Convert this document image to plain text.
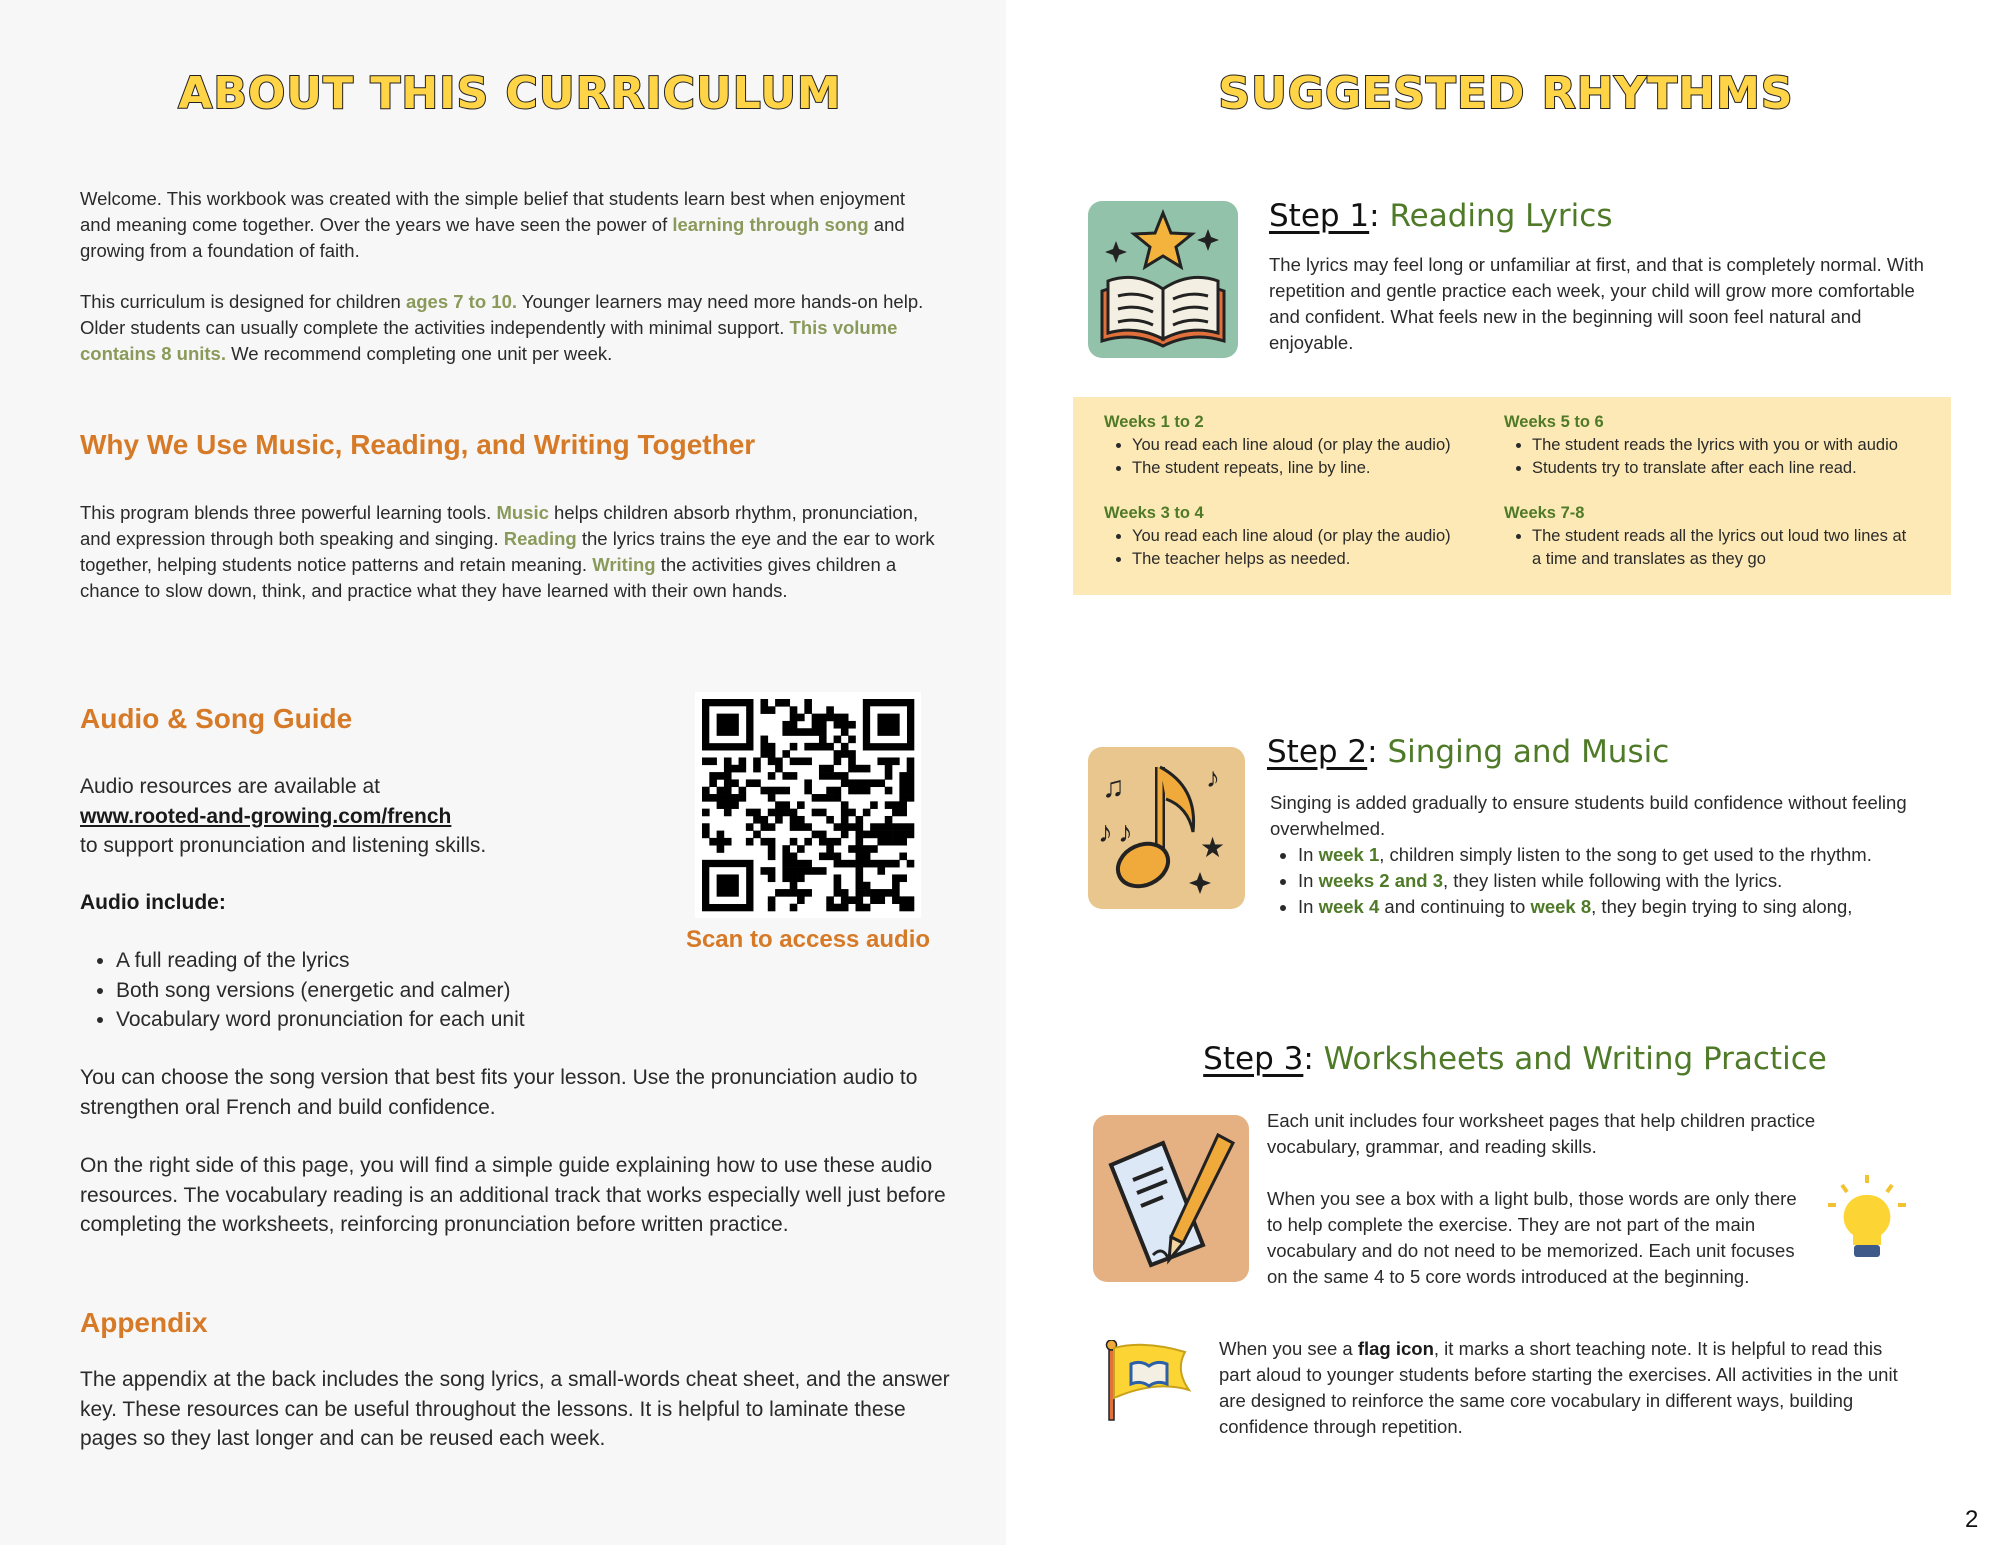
ABOUT THIS CURRICULUM
Welcome. This workbook was created with the simple belief that students learn best when enjoyment and meaning come together. Over the years we have seen the power of learning through song and growing from a foundation of faith.
This curriculum is designed for children ages 7 to 10. Younger learners may need more hands-on help. Older students can usually complete the activities independently with minimal support. This volume contains 8 units. We recommend completing one unit per week.
Why We Use Music, Reading, and Writing Together
This program blends three powerful learning tools. Music helps children absorb rhythm, pronunciation, and expression through both speaking and singing. Reading the lyrics trains the eye and the ear to work together, helping students notice patterns and retain meaning. Writing the activities gives children a chance to slow down, think, and practice what they have learned with their own hands.
Audio & Song Guide
Audio resources are available at
www.rooted-and-growing.com/french
to support pronunciation and listening skills.
Scan to access audio
Audio include:
• A full reading of the lyrics
• Both song versions (energetic and calmer)
• Vocabulary word pronunciation for each unit
You can choose the song version that best fits your lesson. Use the pronunciation audio to strengthen oral French and build confidence.
On the right side of this page, you will find a simple guide explaining how to use these audio resources. The vocabulary reading is an additional track that works especially well just before completing the worksheets, reinforcing pronunciation before written practice.
Appendix
The appendix at the back includes the song lyrics, a small-words cheat sheet, and the answer key. These resources can be useful throughout the lessons. It is helpful to laminate these pages so they last longer and can be reused each week.
SUGGESTED RHYTHMS
Step 1: Reading Lyrics
The lyrics may feel long or unfamiliar at first, and that is completely normal. With repetition and gentle practice each week, your child will grow more comfortable and confident. What feels new in the beginning will soon feel natural and enjoyable.
Weeks 1 to 2
• You read each line aloud (or play the audio)
• The student repeats, line by line.
Weeks 5 to 6
• The student reads the lyrics with you or with audio
• Students try to translate after each line read.
Weeks 3 to 4
• You read each line aloud (or play the audio)
• The teacher helps as needed.
Weeks 7-8
• The student reads all the lyrics out loud two lines at a time and translates as they go
♫
♪ ♪
♪
★
Step 2: Singing and Music
Singing is added gradually to ensure students build confidence without feeling overwhelmed.
• In week 1, children simply listen to the song to get used to the rhythm.
• In weeks 2 and 3, they listen while following with the lyrics.
• In week 4 and continuing to week 8, they begin trying to sing along,
Step 3: Worksheets and Writing Practice
Each unit includes four worksheet pages that help children practice vocabulary, grammar, and reading skills.
When you see a box with a light bulb, those words are only there to help complete the exercise. They are not part of the main vocabulary and do not need to be memorized. Each unit focuses on the same 4 to 5 core words introduced at the beginning.
When you see a flag icon, it marks a short teaching note. It is helpful to read this part aloud to younger students before starting the exercises. All activities in the unit are designed to reinforce the same core vocabulary in different ways, building confidence through repetition.
2
